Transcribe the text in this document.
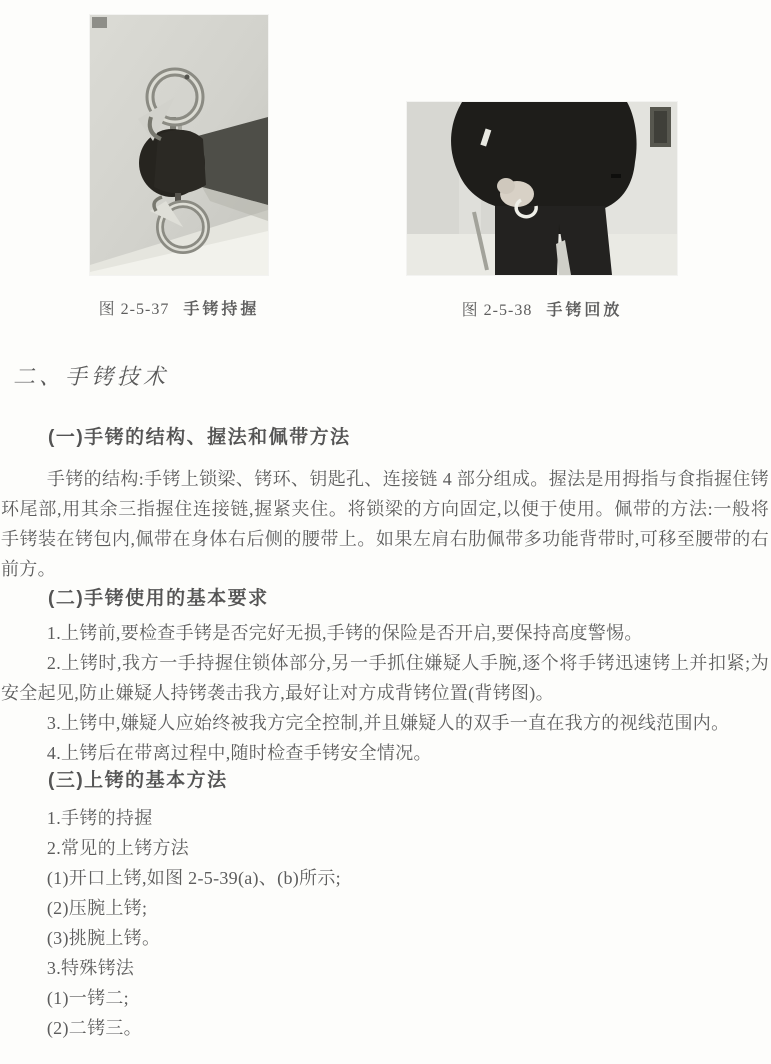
图 2-5-37 手铐持握	图 2-5-38 手铐回放
二、手铐技术
(一)手铐的结构、握法和佩带方法

手铐的结构:手铐上锁梁、铐环、钥匙孔、连接链 4 部分组成。握法是用拇指与食指握住铐环尾部,用其余三指握住连接链,握紧夹住。将锁梁的方向固定,以便于使用。佩带的方法:一般将手铐装在铐包内,佩带在身体右后侧的腰带上。如果左肩右肋佩带多功能背带时,可移至腰带的右前方。

(二)手铐使用的基本要求

1.上铐前,要检查手铐是否完好无损,手铐的保险是否开启,要保持高度警惕。

2.上铐时,我方一手持握住锁体部分,另一手抓住嫌疑人手腕,逐个将手铐迅速铐上并扣紧;为安全起见,防止嫌疑人持铐袭击我方,最好让对方成背铐位置(背铐图)。

3.上铐中,嫌疑人应始终被我方完全控制,并且嫌疑人的双手一直在我方的视线范围内。

4.上铐后在带离过程中,随时检查手铐安全情况。

(三)上铐的基本方法

1.手铐的持握

2.常见的上铐方法

(1)开口上铐,如图 2-5-39(a)、(b)所示;

(2)压腕上铐;

(3)挑腕上铐。

3.特殊铐法

(1)一铐二;

(2)二铐三。
